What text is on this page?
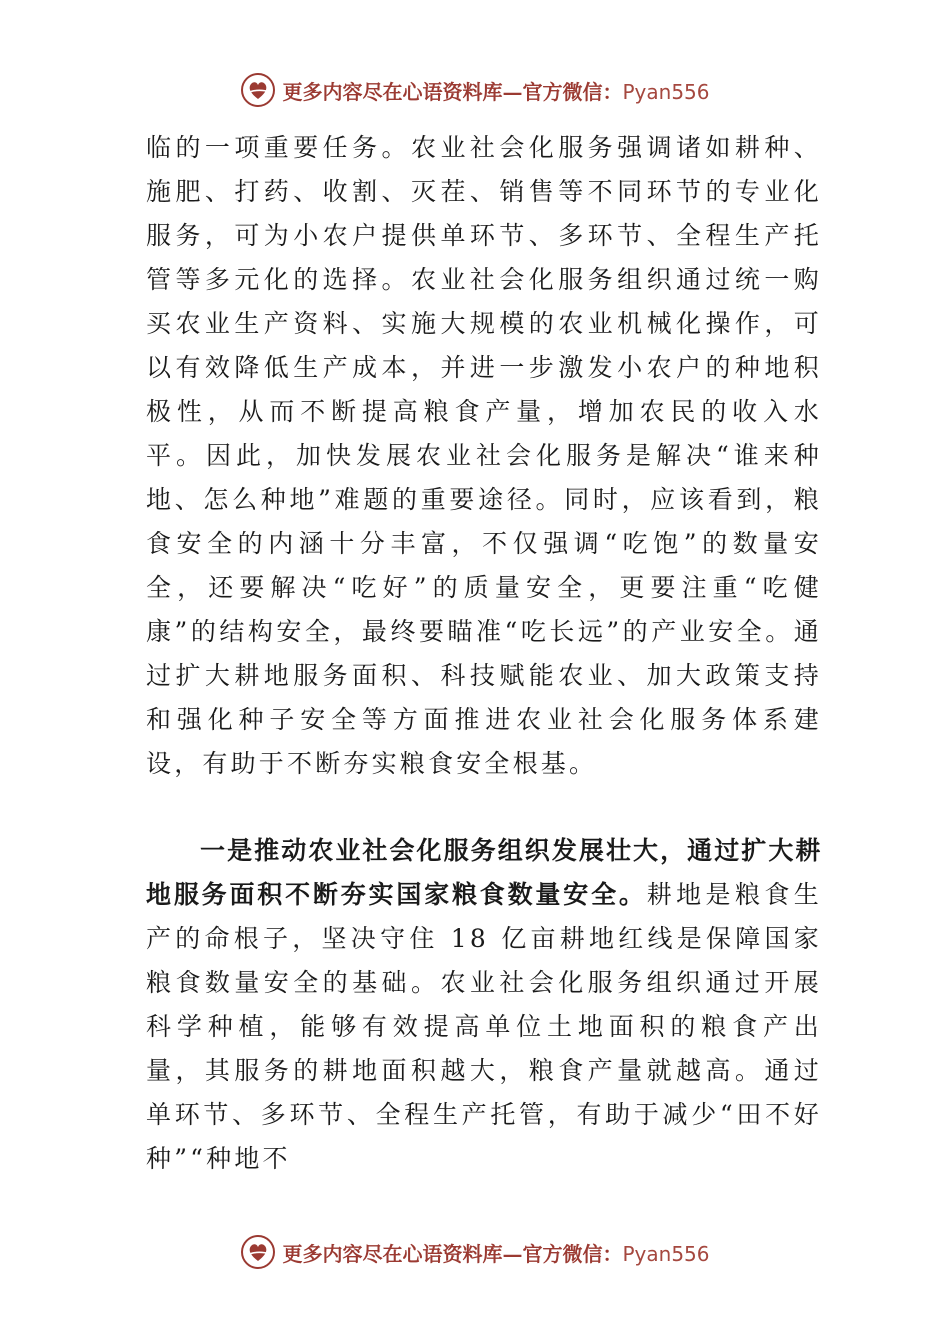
更多内容尽在心语资料库—官方微信：Pyan556

临的一项重要任务。农业社会化服务强调诸如耕种、施肥、打药、收割、灭茬、销售等不同环节的专业化服务，可为小农户提供单环节、多环节、全程生产托管等多元化的选择。农业社会化服务组织通过统一购买农业生产资料、实施大规模的农业机械化操作，可以有效降低生产成本，并进一步激发小农户的种地积极性，从而不断提高粮食产量，增加农民的收入水平。因此，加快发展农业社会化服务是解决“谁来种地、怎么种地”难题的重要途径。同时，应该看到，粮食安全的内涵十分丰富，不仅强调“吃饱”的数量安全，还要解决“吃好”的质量安全，更要注重“吃健康”的结构安全，最终要瞄准“吃长远”的产业安全。通过扩大耕地服务面积、科技赋能农业、加大政策支持和强化种子安全等方面推进农业社会化服务体系建设，有助于不断夯实粮食安全根基。

一是推动农业社会化服务组织发展壮大，通过扩大耕地服务面积不断夯实国家粮食数量安全。耕地是粮食生产的命根子，坚决守住 18 亿亩耕地红线是保障国家粮食数量安全的基础。农业社会化服务组织通过开展科学种植，能够有效提高单位土地面积的粮食产出量，其服务的耕地面积越大，粮食产量就越高。通过单环节、多环节、全程生产托管，有助于减少“田不好种”“种地不

更多内容尽在心语资料库—官方微信：Pyan556
